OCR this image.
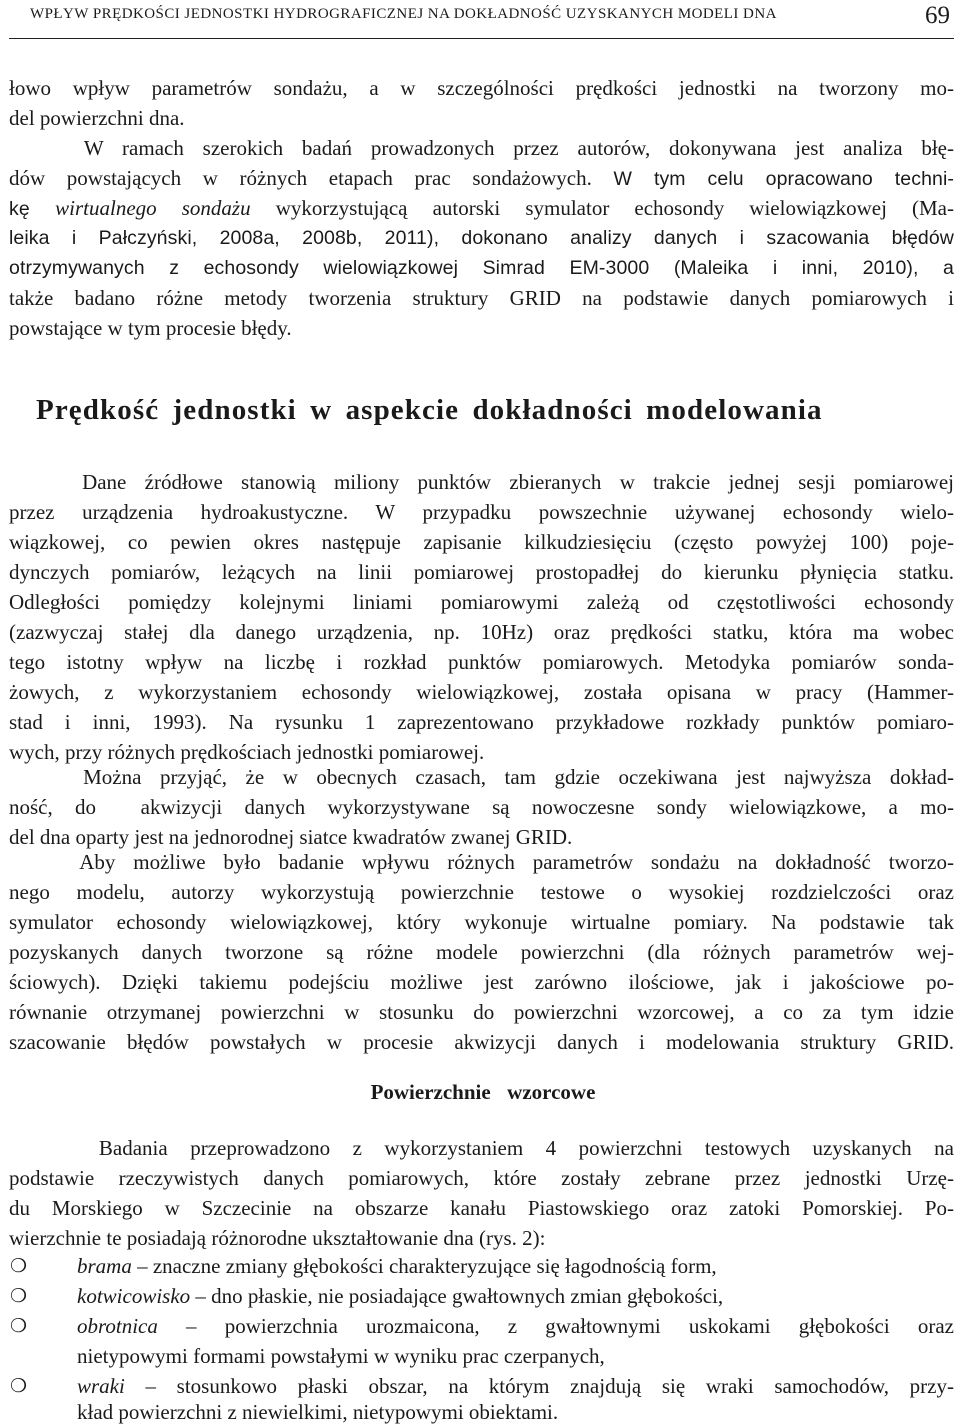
WPŁYW PRĘDKOŚCI JEDNOSTKI HYDROGRAFICZNEJ NA DOKŁADNOŚĆ UZYSKANYCH MODELI DNA	69
łowo wpływ parametrów sondażu, a w szczególności prędkości jednostki na tworzony mo-
del powierzchni dna.
W ramach szerokich badań prowadzonych przez autorów, dokonywana jest analiza błę-
dów powstających w różnych etapach prac sondażowych. W tym celu opracowano techni-
kę wirtualnego sondażu wykorzystującą autorski symulator echosondy wielowiązkowej (Ma-
leika i Pałczyński, 2008a, 2008b, 2011), dokonano analizy danych i szacowania błędów
otrzymywanych z echosondy wielowiązkowej Simrad EM-3000 (Maleika i inni, 2010), a
także badano różne metody tworzenia struktury GRID na podstawie danych pomiarowych i
powstające w tym procesie błędy.
Prędkość jednostki w aspekcie dokładności modelowania
Dane źródłowe stanowią miliony punktów zbieranych w trakcie jednej sesji pomiarowej
przez urządzenia hydroakustyczne. W przypadku powszechnie używanej echosondy wielo-
wiązkowej, co pewien okres następuje zapisanie kilkudziesięciu (często powyżej 100) poje-
dynczych pomiarów, leżących na linii pomiarowej prostopadłej do kierunku płynięcia statku.
Odległości pomiędzy kolejnymi liniami pomiarowymi zależą od częstotliwości echosondy
(zazwyczaj stałej dla danego urządzenia, np. 10Hz) oraz prędkości statku, która ma wobec
tego istotny wpływ na liczbę i rozkład punktów pomiarowych. Metodyka pomiarów sonda-
żowych, z wykorzystaniem echosondy wielowiązkowej, została opisana w pracy (Hammer-
stad i inni, 1993). Na rysunku 1 zaprezentowano przykładowe rozkłady punktów pomiaro-
wych, przy różnych prędkościach jednostki pomiarowej.
Można przyjąć, że w obecnych czasach, tam gdzie oczekiwana jest najwyższa dokład-
ność, do  akwizycji danych wykorzystywane są nowoczesne sondy wielowiązkowe, a mo-
del dna oparty jest na jednorodnej siatce kwadratów zwanej GRID.
Aby możliwe było badanie wpływu różnych parametrów sondażu na dokładność tworzo-
nego modelu, autorzy wykorzystują powierzchnie testowe o wysokiej rozdzielczości oraz
symulator echosondy wielowiązkowej, który wykonuje wirtualne pomiary. Na podstawie tak
pozyskanych danych tworzone są różne modele powierzchni (dla różnych parametrów wej-
ściowych). Dzięki takiemu podejściu możliwe jest zarówno ilościowe, jak i jakościowe po-
równanie otrzymanej powierzchni w stosunku do powierzchni wzorcowej, a co za tym idzie
szacowanie błędów powstałych w procesie akwizycji danych i modelowania struktury GRID.
Powierzchnie  wzorcowe
Badania przeprowadzono z wykorzystaniem 4 powierzchni testowych uzyskanych na
podstawie rzeczywistych danych pomiarowych, które zostały zebrane przez jednostki Urzę-
du Morskiego w Szczecinie na obszarze kanału Piastowskiego oraz zatoki Pomorskiej. Po-
wierzchnie te posiadają różnorodne ukształtowanie dna (rys. 2):
❍ brama – znaczne zmiany głębokości charakteryzujące się łagodnością form,
❍ kotwicowisko – dno płaskie, nie posiadające gwałtownych zmian głębokości,
❍ obrotnica – powierzchnia urozmaicona, z gwałtownymi uskokami głębokości oraz
nietypowymi formami powstałymi w wyniku prac czerpanych,
❍ wraki – stosunkowo płaski obszar, na którym znajdują się wraki samochodów, przy-
kład powierzchni z niewielkimi, nietypowymi obiektami.
